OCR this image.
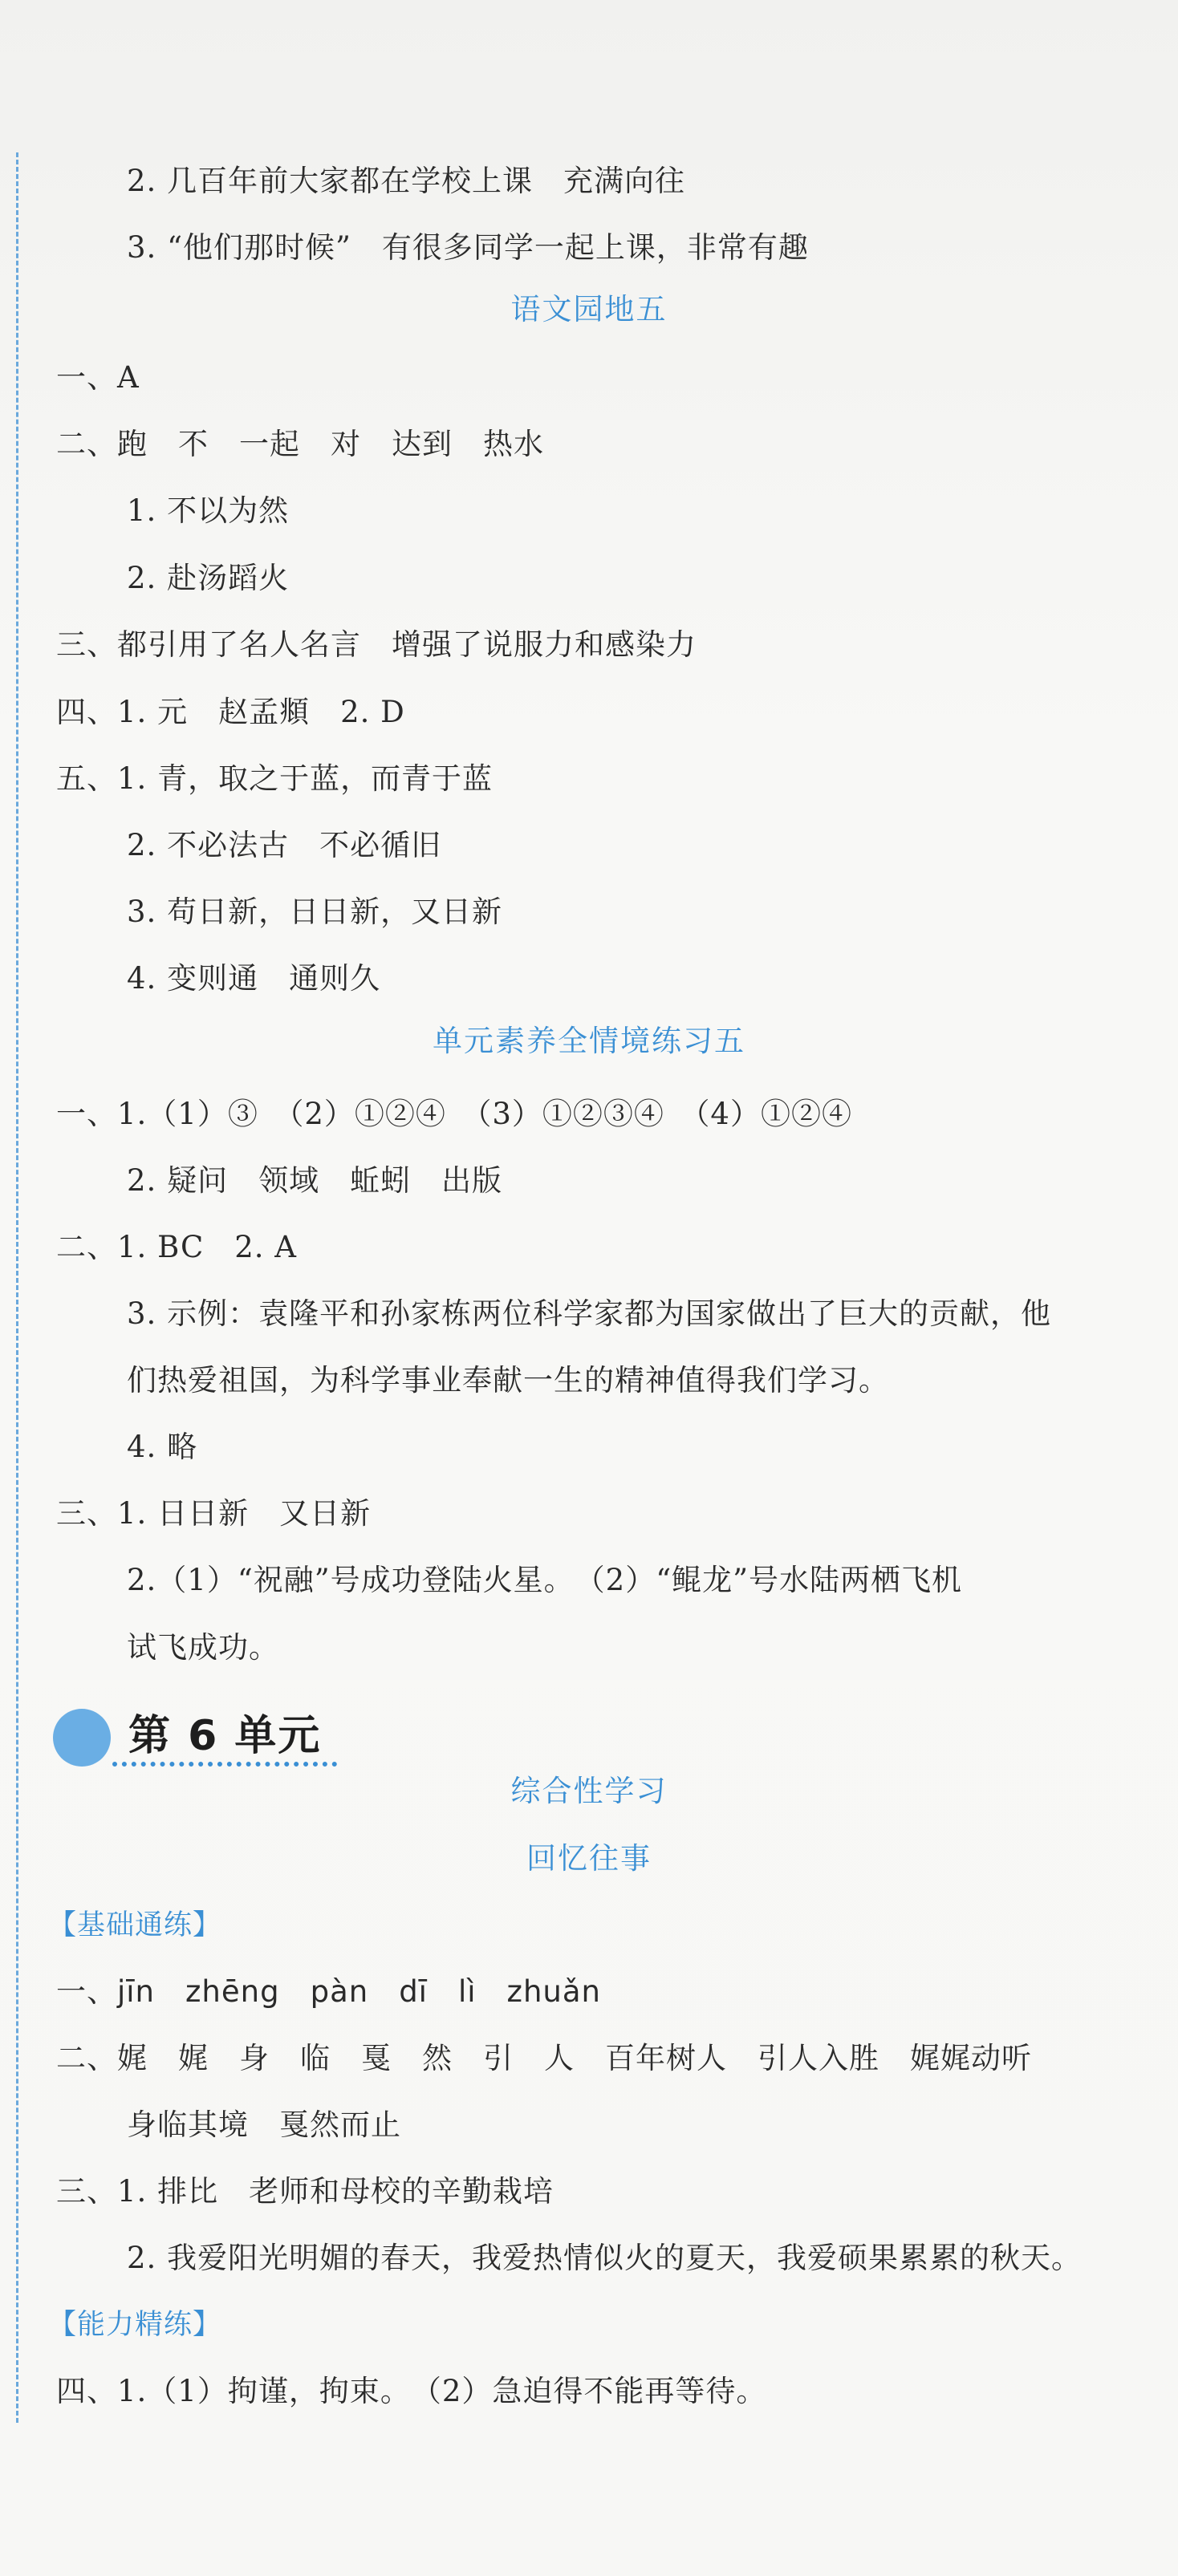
2. 几百年前大家都在学校上课　充满向往
3. “他们那时候”　有很多同学一起上课，非常有趣
语文园地五
一、A
二、跑　不　一起　对　达到　热水
1. 不以为然
2. 赴汤蹈火
三、都引用了名人名言　增强了说服力和感染力
四、1. 元　赵孟頫　2. D
五、1. 青，取之于蓝，而青于蓝
2. 不必法古　不必循旧
3. 苟日新，日日新，又日新
4. 变则通　通则久
单元素养全情境练习五
一、1.（1）③　（2）①②④　（3）①②③④　（4）①②④
2. 疑问　领域　蚯蚓　出版
二、1. BC　2. A
3. 示例：袁隆平和孙家栋两位科学家都为国家做出了巨大的贡献，他
们热爱祖国，为科学事业奉献一生的精神值得我们学习。
4. 略
三、1. 日日新　又日新
2.（1）“祝融”号成功登陆火星。　（2）“鲲龙”号水陆两栖飞机
试飞成功。
第 6 单元
综合性学习
回忆往事
【基础通练】
一、jīn　zhēng　pàn　dī　lì　zhuǎn
二、娓　娓　身　临　戛　然　引　人　百年树人　引人入胜　娓娓动听
身临其境　戛然而止
三、1. 排比　老师和母校的辛勤栽培
2. 我爱阳光明媚的春天，我爱热情似火的夏天，我爱硕果累累的秋天。
【能力精练】
四、1.（1）拘谨，拘束。　（2）急迫得不能再等待。
